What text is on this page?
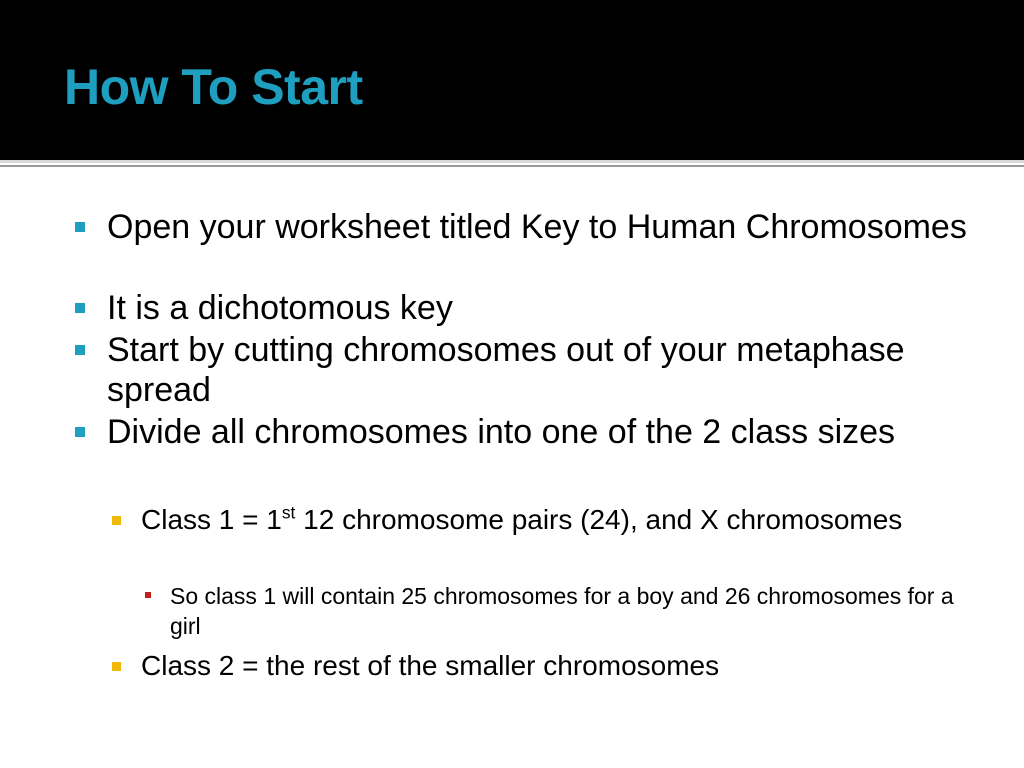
How To Start
Open your worksheet titled Key to Human Chromosomes
It is a dichotomous key
Start by cutting chromosomes out of your metaphase spread
Divide all chromosomes into one of the 2 class sizes
Class 1 = 1st 12 chromosome pairs (24), and X chromosomes
So class 1 will contain 25 chromosomes for a boy and 26 chromosomes for a girl
Class 2 = the rest of the smaller chromosomes
